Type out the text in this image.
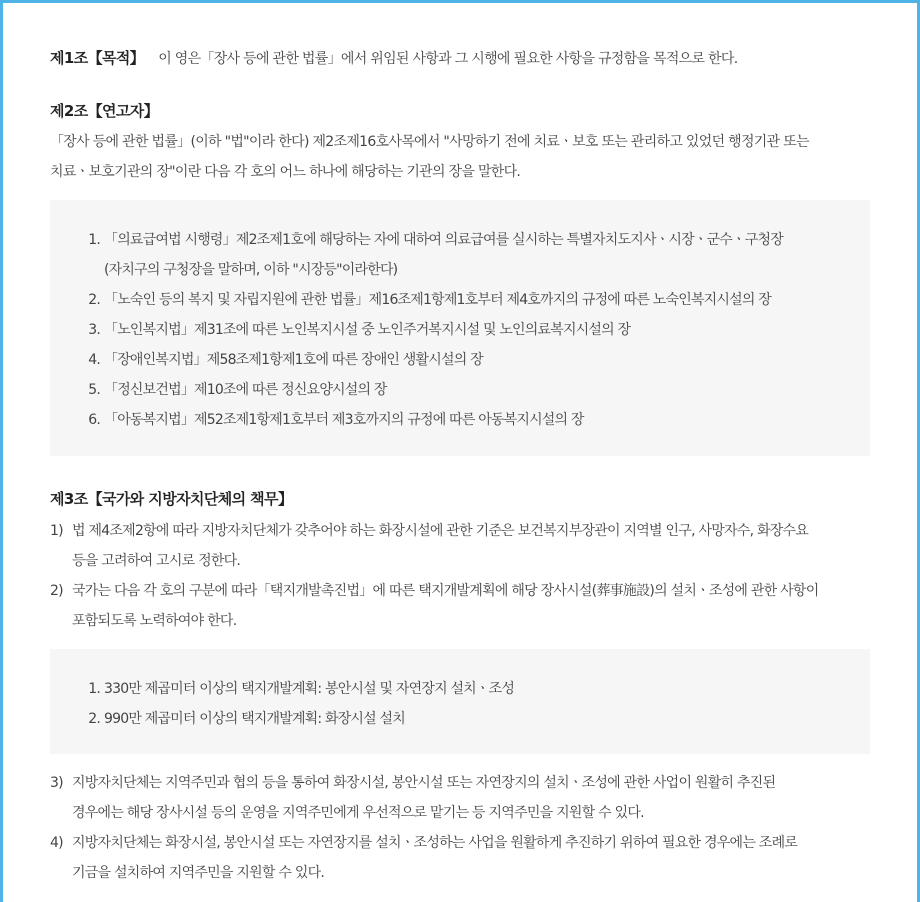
제1조【목적】 이 영은「장사 등에 관한 법률」에서 위임된 사항과 그 시행에 필요한 사항을 규정함을 목적으로 한다.
제2조【연고자】
「장사 등에 관한 법률」(이하 "법"이라 한다) 제2조제16호사목에서 "사망하기 전에 치료ㆍ보호 또는 관리하고 있었던 행정기관 또는
치료ㆍ보호기관의 장"이란 다음 각 호의 어느 하나에 해당하는 기관의 장을 말한다.
1. 「의료급여법 시행령」제2조제1호에 해당하는 자에 대하여 의료급여를 실시하는 특별자치도지사ㆍ시장ㆍ군수ㆍ구청장
(자치구의 구청장을 말하며, 이하 "시장등"이라한다)
2. 「노숙인 등의 복지 및 자립지원에 관한 법률」제16조제1항제1호부터 제4호까지의 규정에 따른 노숙인복지시설의 장
3. 「노인복지법」제31조에 따른 노인복지시설 중 노인주거복지시설 및 노인의료복지시설의 장
4. 「장애인복지법」제58조제1항제1호에 따른 장애인 생활시설의 장
5. 「정신보건법」제10조에 따른 정신요양시설의 장
6. 「아동복지법」제52조제1항제1호부터 제3호까지의 규정에 따른 아동복지시설의 장
제3조【국가와 지방자치단체의 책무】
1) 법 제4조제2항에 따라 지방자치단체가 갖추어야 하는 화장시설에 관한 기준은 보건복지부장관이 지역별 인구, 사망자수, 화장수요
등을 고려하여 고시로 정한다.
2) 국가는 다음 각 호의 구분에 따라「택지개발촉진법」에 따른 택지개발계획에 해당 장사시설(葬事施設)의 설치ㆍ조성에 관한 사항이
포함되도록 노력하여야 한다.
1. 330만 제곱미터 이상의 택지개발계획: 봉안시설 및 자연장지 설치ㆍ조성
2. 990만 제곱미터 이상의 택지개발계획: 화장시설 설치
3) 지방자치단체는 지역주민과 협의 등을 통하여 화장시설, 봉안시설 또는 자연장지의 설치ㆍ조성에 관한 사업이 원활히 추진된
경우에는 해당 장사시설 등의 운영을 지역주민에게 우선적으로 맡기는 등 지역주민을 지원할 수 있다.
4) 지방자치단체는 화장시설, 봉안시설 또는 자연장지를 설치ㆍ조성하는 사업을 원활하게 추진하기 위하여 필요한 경우에는 조례로
기금을 설치하여 지역주민을 지원할 수 있다.
